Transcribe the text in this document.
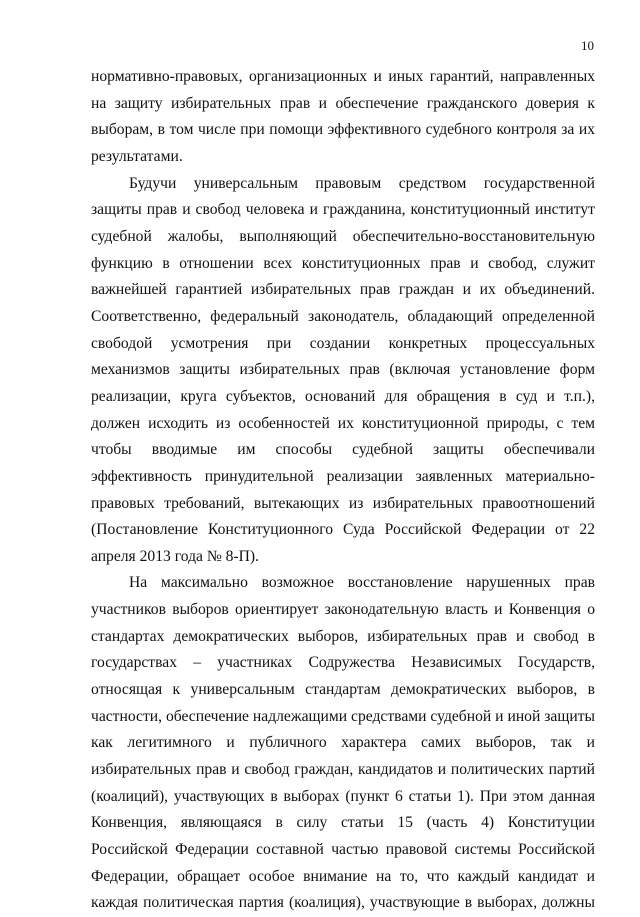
10

нормативно-правовых, организационных и иных гарантий, направленных на защиту избирательных прав и обеспечение гражданского доверия к выборам, в том числе при помощи эффективного судебного контроля за их результатами.

Будучи универсальным правовым средством государственной защиты прав и свобод человека и гражданина, конституционный институт судебной жалобы, выполняющий обеспечительно-восстановительную функцию в отношении всех конституционных прав и свобод, служит важнейшей гарантией избирательных прав граждан и их объединений. Соответственно, федеральный законодатель, обладающий определенной свободой усмотрения при создании конкретных процессуальных механизмов защиты избирательных прав (включая установление форм реализации, круга субъектов, оснований для обращения в суд и т.п.), должен исходить из особенностей их конституционной природы, с тем чтобы вводимые им способы судебной защиты обеспечивали эффективность принудительной реализации заявленных материально-правовых требований, вытекающих из избирательных правоотношений (Постановление Конституционного Суда Российской Федерации от 22 апреля 2013 года № 8-П).

На максимально возможное восстановление нарушенных прав участников выборов ориентирует законодательную власть и Конвенция о стандартах демократических выборов, избирательных прав и свобод в государствах – участниках Содружества Независимых Государств, относящая к универсальным стандартам демократических выборов, в частности, обеспечение надлежащими средствами судебной и иной защиты как легитимного и публичного характера самих выборов, так и избирательных прав и свобод граждан, кандидатов и политических партий (коалиций), участвующих в выборах (пункт 6 статьи 1). При этом данная Конвенция, являющаяся в силу статьи 15 (часть 4) Конституции Российской Федерации составной частью правовой системы Российской Федерации, обращает особое внимание на то, что каждый кандидат и каждая политическая партия (коалиция), участвующие в выборах, должны
